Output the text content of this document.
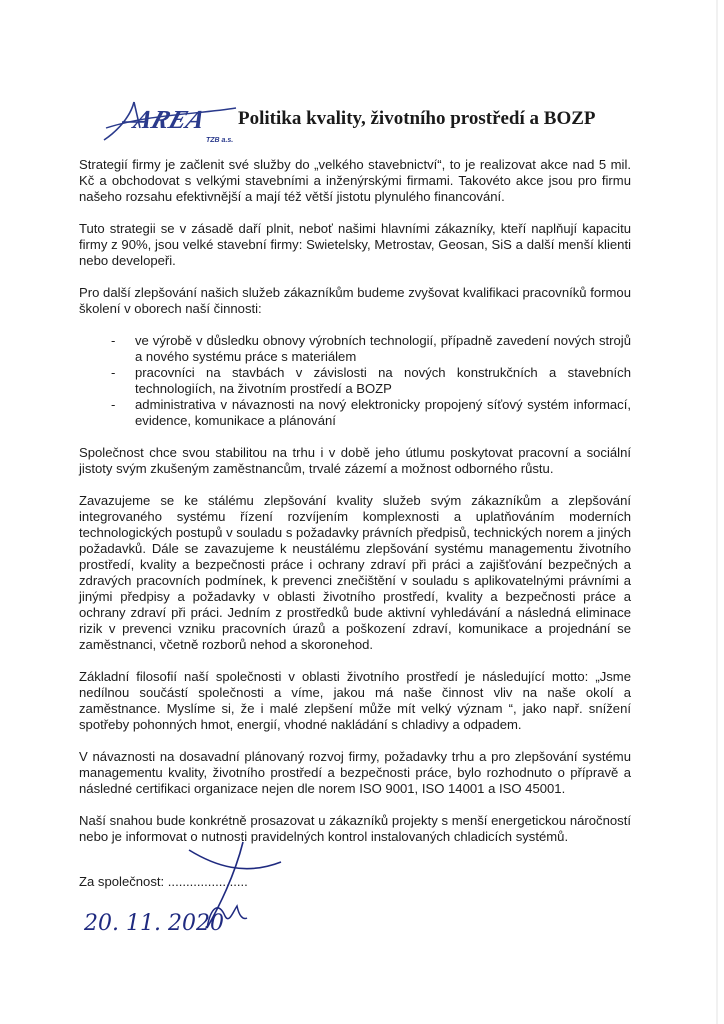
AREA
TZB a.s.
Politika kvality, životního prostředí a BOZP

Strategií firmy je začlenit své služby do „velkého stavebnictví“, to je realizovat akce nad 5 mil. Kč a obchodovat s velkými stavebními a inženýrskými firmami. Takovéto akce jsou pro firmu našeho rozsahu efektivnější a mají též větší jistotu plynulého financování.

Tuto strategii se v zásadě daří plnit, neboť našimi hlavními zákazníky, kteří naplňují kapacitu firmy z 90%, jsou velké stavební firmy: Swietelsky, Metrostav, Geosan, SiS a další menší klienti nebo developeři.

Pro další zlepšování našich služeb zákazníkům budeme zvyšovat kvalifikaci pracovníků formou školení v oborech naší činnosti:

- ve výrobě v důsledku obnovy výrobních technologií, případně zavedení nových strojů a nového systému práce s materiálem
- pracovníci na stavbách v závislosti na nových konstrukčních a stavebních technologiích, na životním prostředí a BOZP
- administrativa v návaznosti na nový elektronicky propojený síťový systém informací, evidence, komunikace a plánování

Společnost chce svou stabilitou na trhu i v době jeho útlumu poskytovat pracovní a sociální jistoty svým zkušeným zaměstnancům, trvalé zázemí a možnost odborného růstu.

Zavazujeme se ke stálému zlepšování kvality služeb svým zákazníkům a zlepšování integrovaného systému řízení rozvíjením komplexnosti a uplatňováním moderních technologických postupů v souladu s požadavky právních předpisů, technických norem a jiných požadavků. Dále se zavazujeme k neustálému zlepšování systému managementu životního prostředí, kvality a bezpečnosti práce i ochrany zdraví při práci a zajišťování bezpečných a zdravých pracovních podmínek, k prevenci znečištění v souladu s aplikovatelnými právními a jinými předpisy a požadavky v oblasti životního prostředí, kvality a bezpečnosti práce a ochrany zdraví při práci. Jedním z prostředků bude aktivní vyhledávání a následná eliminace rizik v prevenci vzniku pracovních úrazů a poškození zdraví, komunikace a projednání se zaměstnanci, včetně rozborů nehod a skoronehod.

Základní filosofií naší společnosti v oblasti životního prostředí je následující motto: „Jsme nedílnou součástí společnosti a víme, jakou má naše činnost vliv na naše okolí a zaměstnance. Myslíme si, že i malé zlepšení může mít velký význam “, jako např. snížení spotřeby pohonných hmot, energií, vhodné nakládání s chladivy a odpadem.

V návaznosti na dosavadní plánovaný rozvoj firmy, požadavky trhu a pro zlepšování systému managementu kvality, životního prostředí a bezpečnosti práce, bylo rozhodnuto o přípravě a následné certifikaci organizace nejen dle norem ISO 9001, ISO 14001 a ISO 45001.

Naší snahou bude konkrétně prosazovat u zákazníků projekty s menší energetickou náročností nebo je informovat o nutnosti pravidelných kontrol instalovaných chladicích systémů.

Za společnost: ......................
20. 11. 2020
